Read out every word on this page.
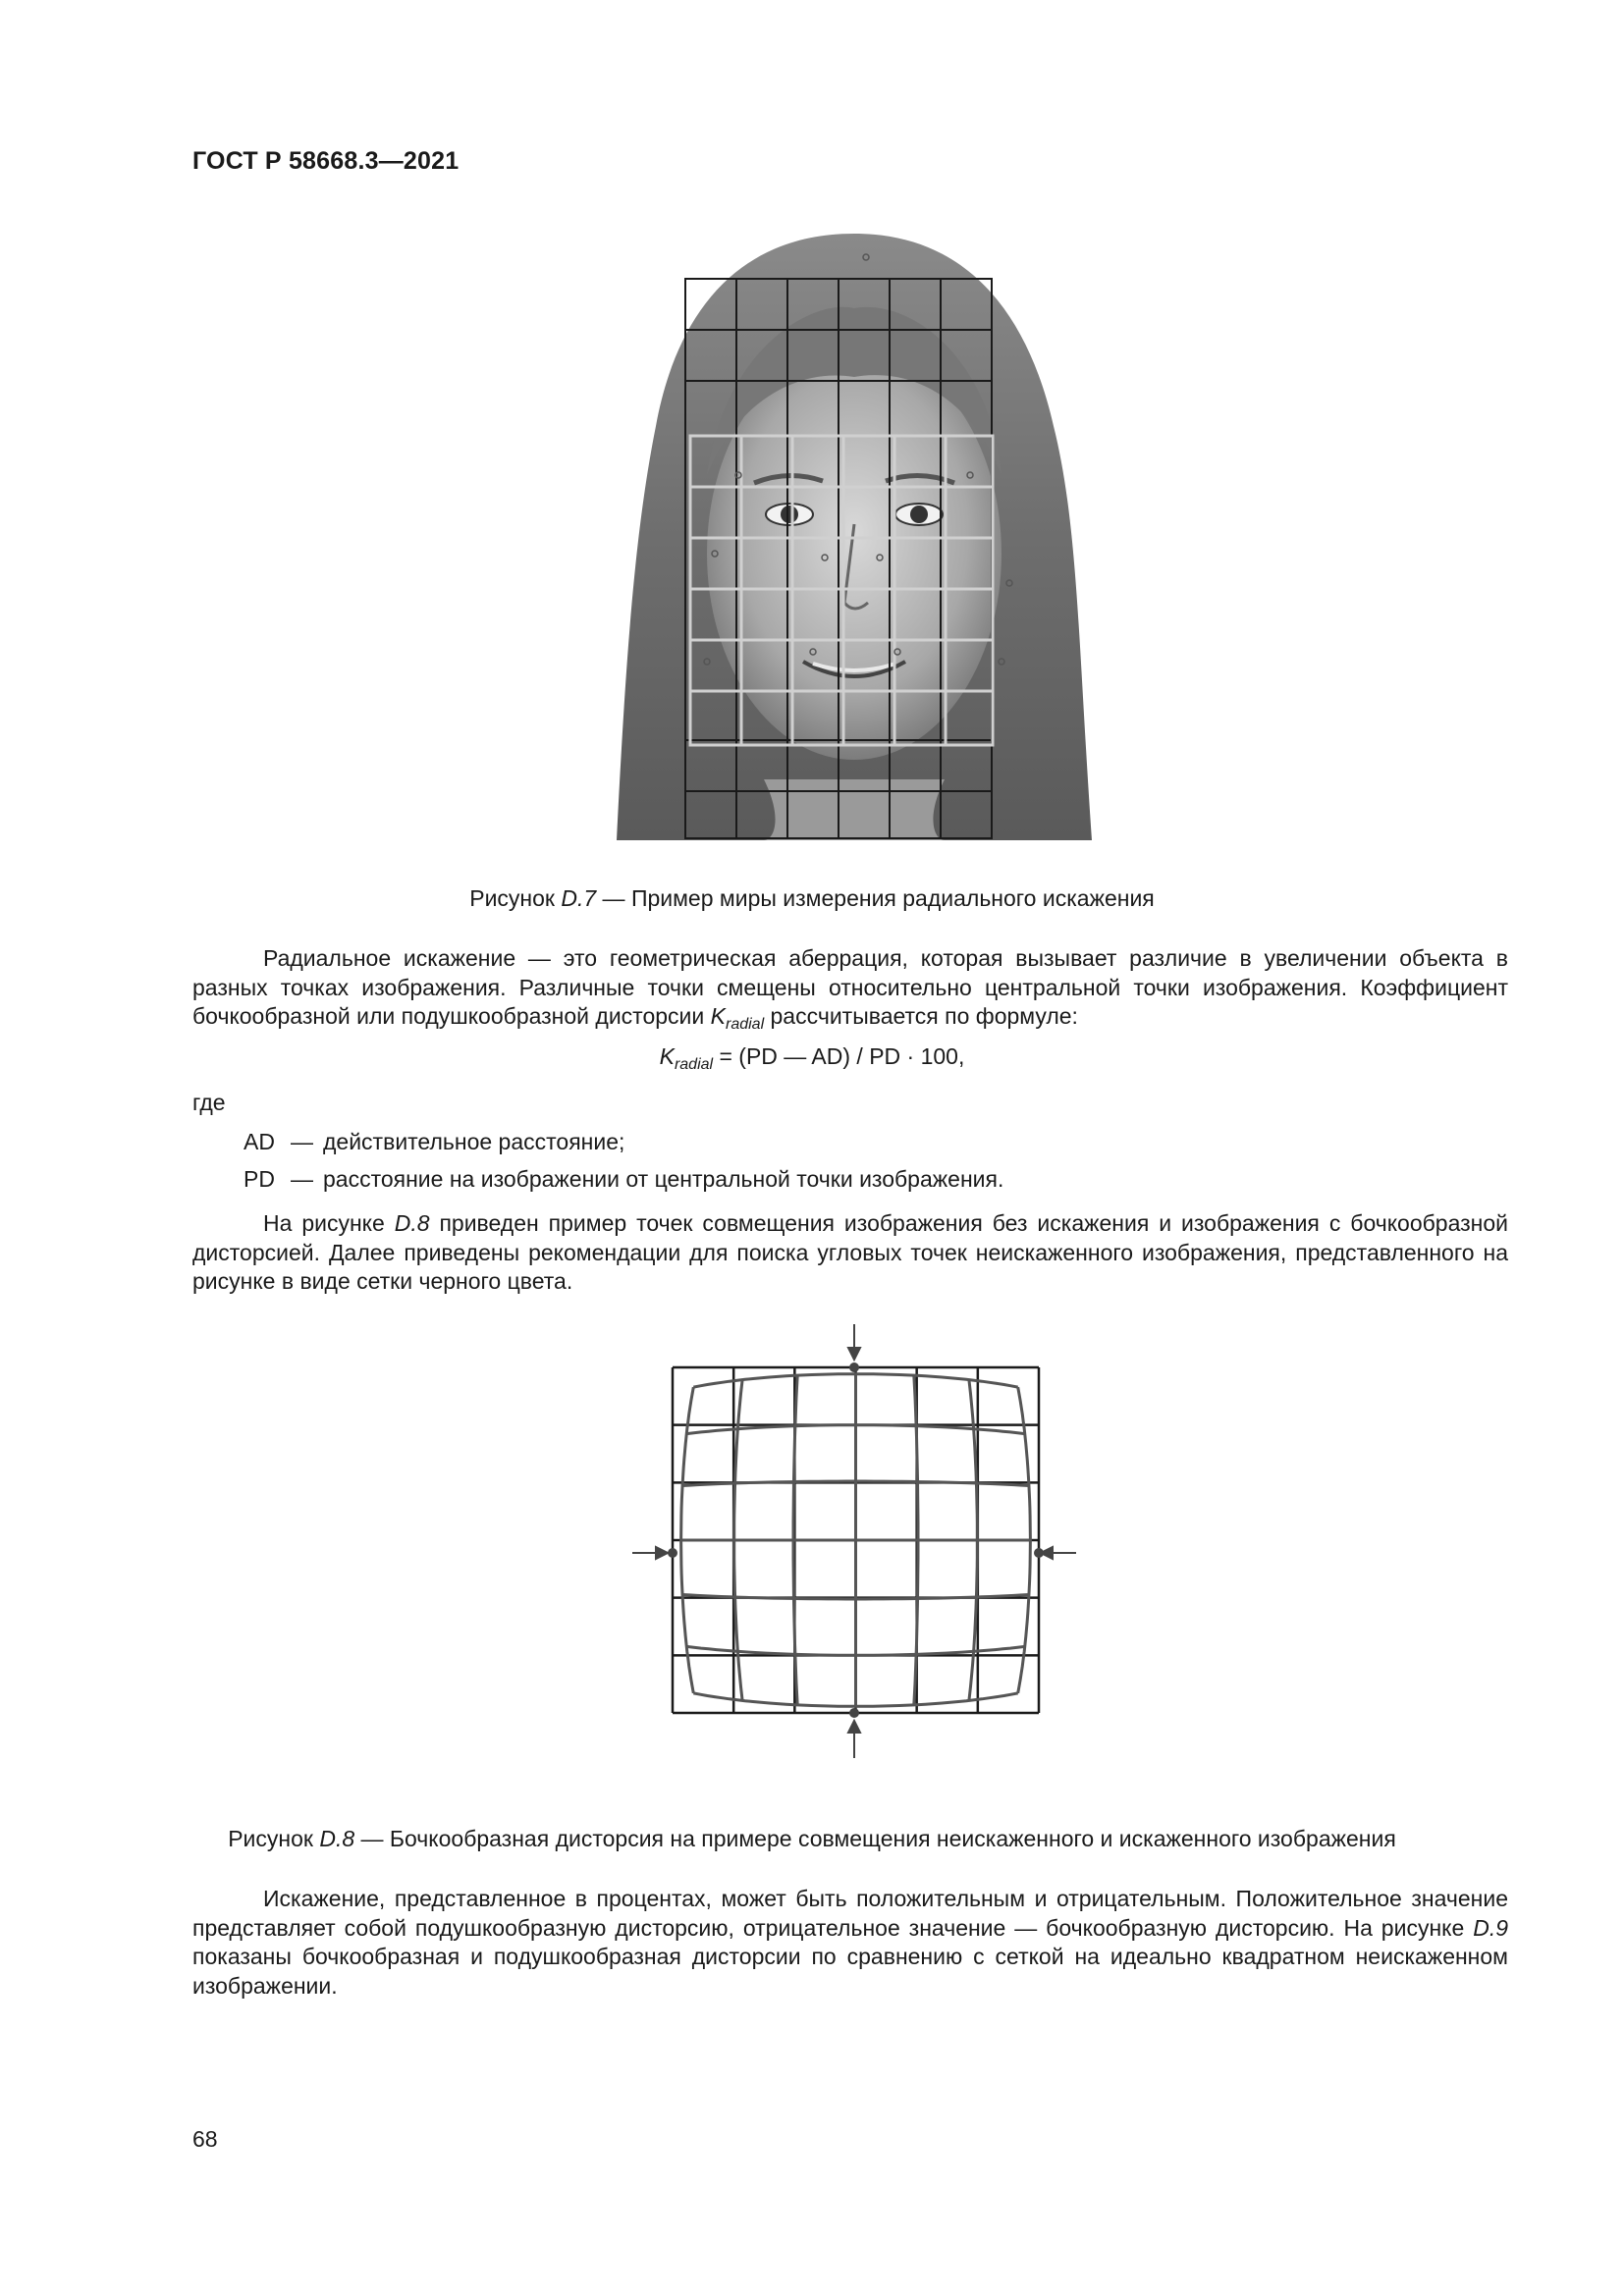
ГОСТ Р 58668.3—2021
Рисунок D.7 — Пример миры измерения радиального искажения
Радиальное искажение — это геометрическая аберрация, которая вызывает различие в увеличении объекта в разных точках изображения. Различные точки смещены относительно центральной точки изображения. Коэффициент бочкообразной или подушкообразной дисторсии $K_{radial}$ рассчитывается по формуле:
$K_{radial} = (PD$ — AD) / PD · 100,
где
AD — действительное расстояние;
PD — расстояние на изображении от центральной точки изображения.
На рисунке D.8 приведен пример точек совмещения изображения без искажения и изображения с бочкообразной дисторсией. Далее приведены рекомендации для поиска угловых точек неискаженного изображения, представленного на рисунке в виде сетки черного цвета.
Рисунок D.8 — Бочкообразная дисторсия на примере совмещения неискаженного и искаженного изображения
Искажение, представленное в процентах, может быть положительным и отрицательным. Положительное значение представляет собой подушкообразную дисторсию, отрицательное значение — бочкообразную дисторсию. На рисунке D.9 показаны бочкообразная и подушкообразная дисторсии по сравнению с сеткой на идеально квадратном неискаженном изображении.
68
